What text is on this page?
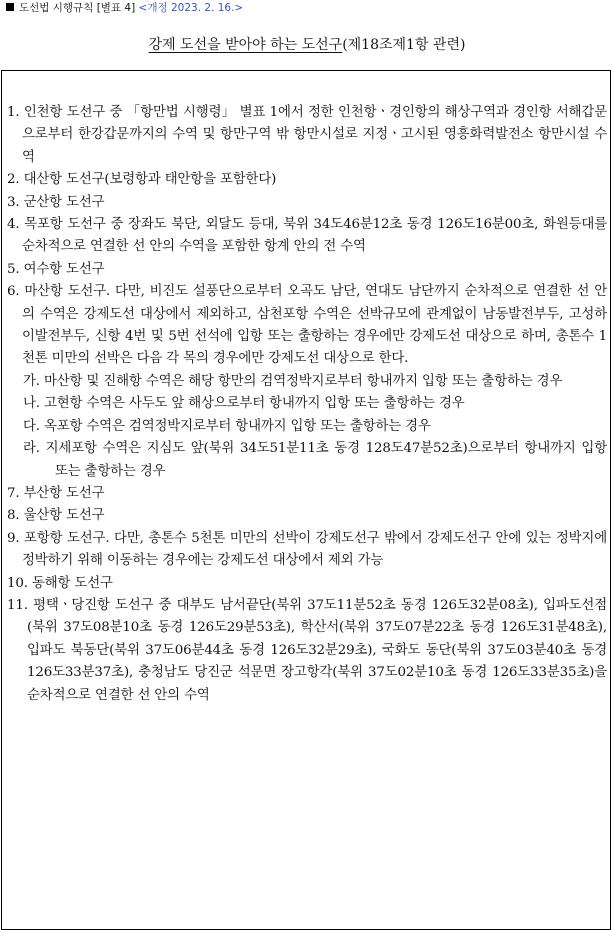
도선법 시행규칙 [별표 4] <개정 2023. 2. 16.>
강제 도선을 받아야 하는 도선구(제18조제1항 관련)
1. 인천항 도선구 중 「항만법 시행령」 별표 1에서 정한 인천항ㆍ경인항의 해상구역과 경인항 서해갑문으로부터 한강갑문까지의 수역 및 항만구역 밖 항만시설로 지정ㆍ고시된 영흥화력발전소 항만시설 수역
2. 대산항 도선구(보령항과 태안항을 포함한다)
3. 군산항 도선구
4. 목포항 도선구 중 장좌도 북단, 외달도 등대, 북위 34도46분12초 동경 126도16분00초, 화원등대를 순차적으로 연결한 선 안의 수역을 포함한 항계 안의 전 수역
5. 여수항 도선구
6. 마산항 도선구. 다만, 비진도 설풍단으로부터 오곡도 남단, 연대도 남단까지 순차적으로 연결한 선 안의 수역은 강제도선 대상에서 제외하고, 삼천포항 수역은 선박규모에 관계없이 남동발전부두, 고성하이발전부두, 신항 4번 및 5번 선석에 입항 또는 출항하는 경우에만 강제도선 대상으로 하며, 총톤수 1천톤 미만의 선박은 다음 각 목의 경우에만 강제도선 대상으로 한다.
가. 마산항 및 진해항 수역은 해당 항만의 검역정박지로부터 항내까지 입항 또는 출항하는 경우
나. 고현항 수역은 사두도 앞 해상으로부터 항내까지 입항 또는 출항하는 경우
다. 옥포항 수역은 검역정박지로부터 항내까지 입항 또는 출항하는 경우
라. 지세포항 수역은 지심도 앞(북위 34도51분11초 동경 128도47분52초)으로부터 항내까지 입항 또는 출항하는 경우
7. 부산항 도선구
8. 울산항 도선구
9. 포항항 도선구. 다만, 총톤수 5천톤 미만의 선박이 강제도선구 밖에서 강제도선구 안에 있는 정박지에 정박하기 위해 이동하는 경우에는 강제도선 대상에서 제외 가능
10. 동해항 도선구
11. 평택ㆍ당진항 도선구 중 대부도 남서끝단(북위 37도11분52초 동경 126도32분08초), 입파도선점(북위 37도08분10초 동경 126도29분53초), 학산서(북위 37도07분22초 동경 126도31분48초), 입파도 북동단(북위 37도06분44초 동경 126도32분29초), 국화도 동단(북위 37도03분40초 동경 126도33분37초), 충청남도 당진군 석문면 장고항각(북위 37도02분10초 동경 126도33분35초)을 순차적으로 연결한 선 안의 수역
